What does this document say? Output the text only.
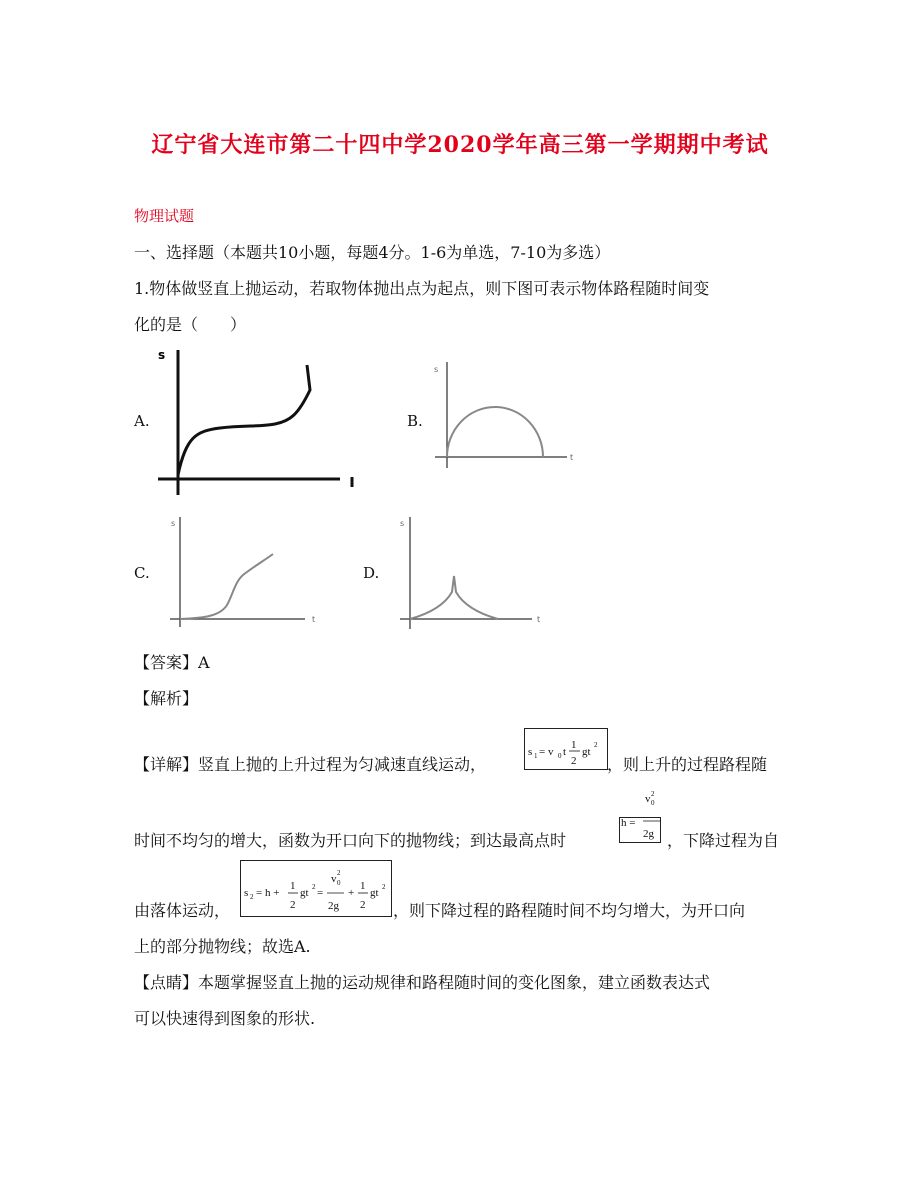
辽宁省大连市第二十四中学2020学年高三第一学期期中考试
物理试题
一、选择题（本题共10小题，每题4分。1-6为单选，7-10为多选）
1.物体做竖直上抛运动，若取物体抛出点为起点，则下图可表示物体路程随时间变
化的是（　　）
A.
s
B.
s
t
C.
s
t
D.
s
t
【答案】A
【解析】
【详解】竖直上抛的上升过程为匀减速直线运动，
s 1 = v 0 t
1
2
gt
2
，则上升的过程路程随
时间不均匀的增大，函数为开口向下的抛物线；到达最高点时
h =
v 2
0
2g ，下降过程为自
由落体运动，
s 2 = h +
1
2
gt 2 =
v 2
0
2g
+
1
2
gt 2
，则下降过程的路程随时间不均匀增大，为开口向
上的部分抛物线；故选A.
【点睛】本题掌握竖直上抛的运动规律和路程随时间的变化图象，建立函数表达式
可以快速得到图象的形状.
